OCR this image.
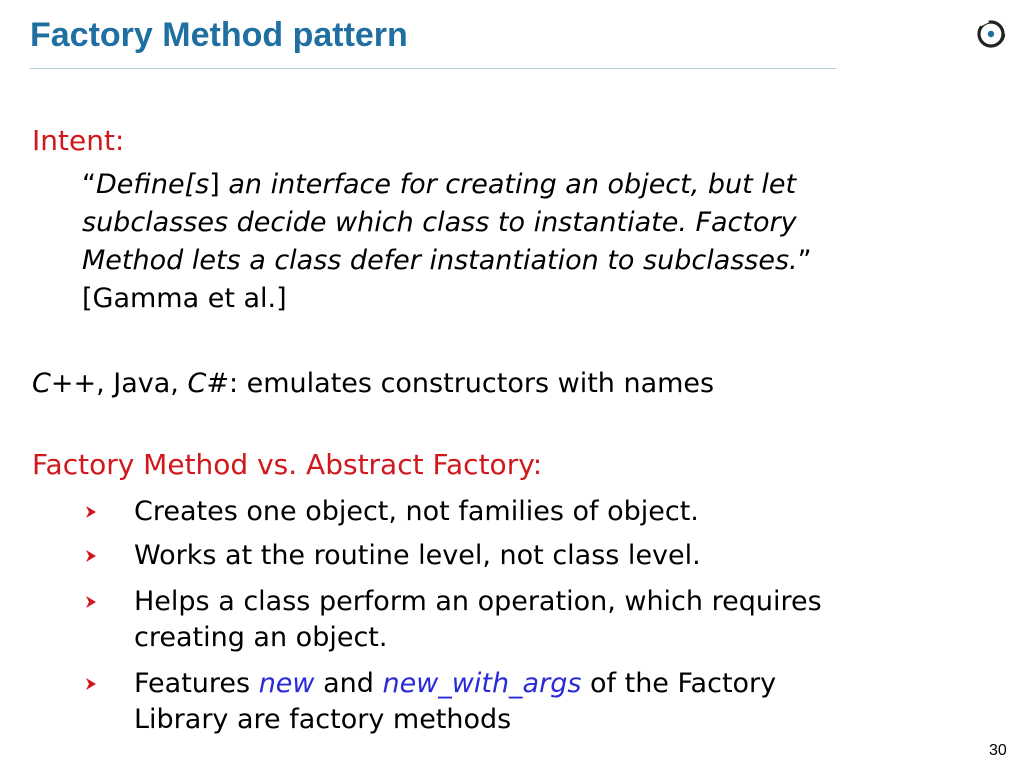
Factory Method pattern
Intent:
“Define[s] an interface for creating an object, but let
subclasses decide which class to instantiate. Factory
Method lets a class defer instantiation to subclasses.”
[Gamma et al.]
C++, Java, C#: emulates constructors with names
Factory Method vs. Abstract Factory:
Creates one object, not families of object.
Works at the routine level, not class level.
Helps a class perform an operation, which requires
creating an object.
Features new and new_with_args of the Factory
Library are factory methods
30
